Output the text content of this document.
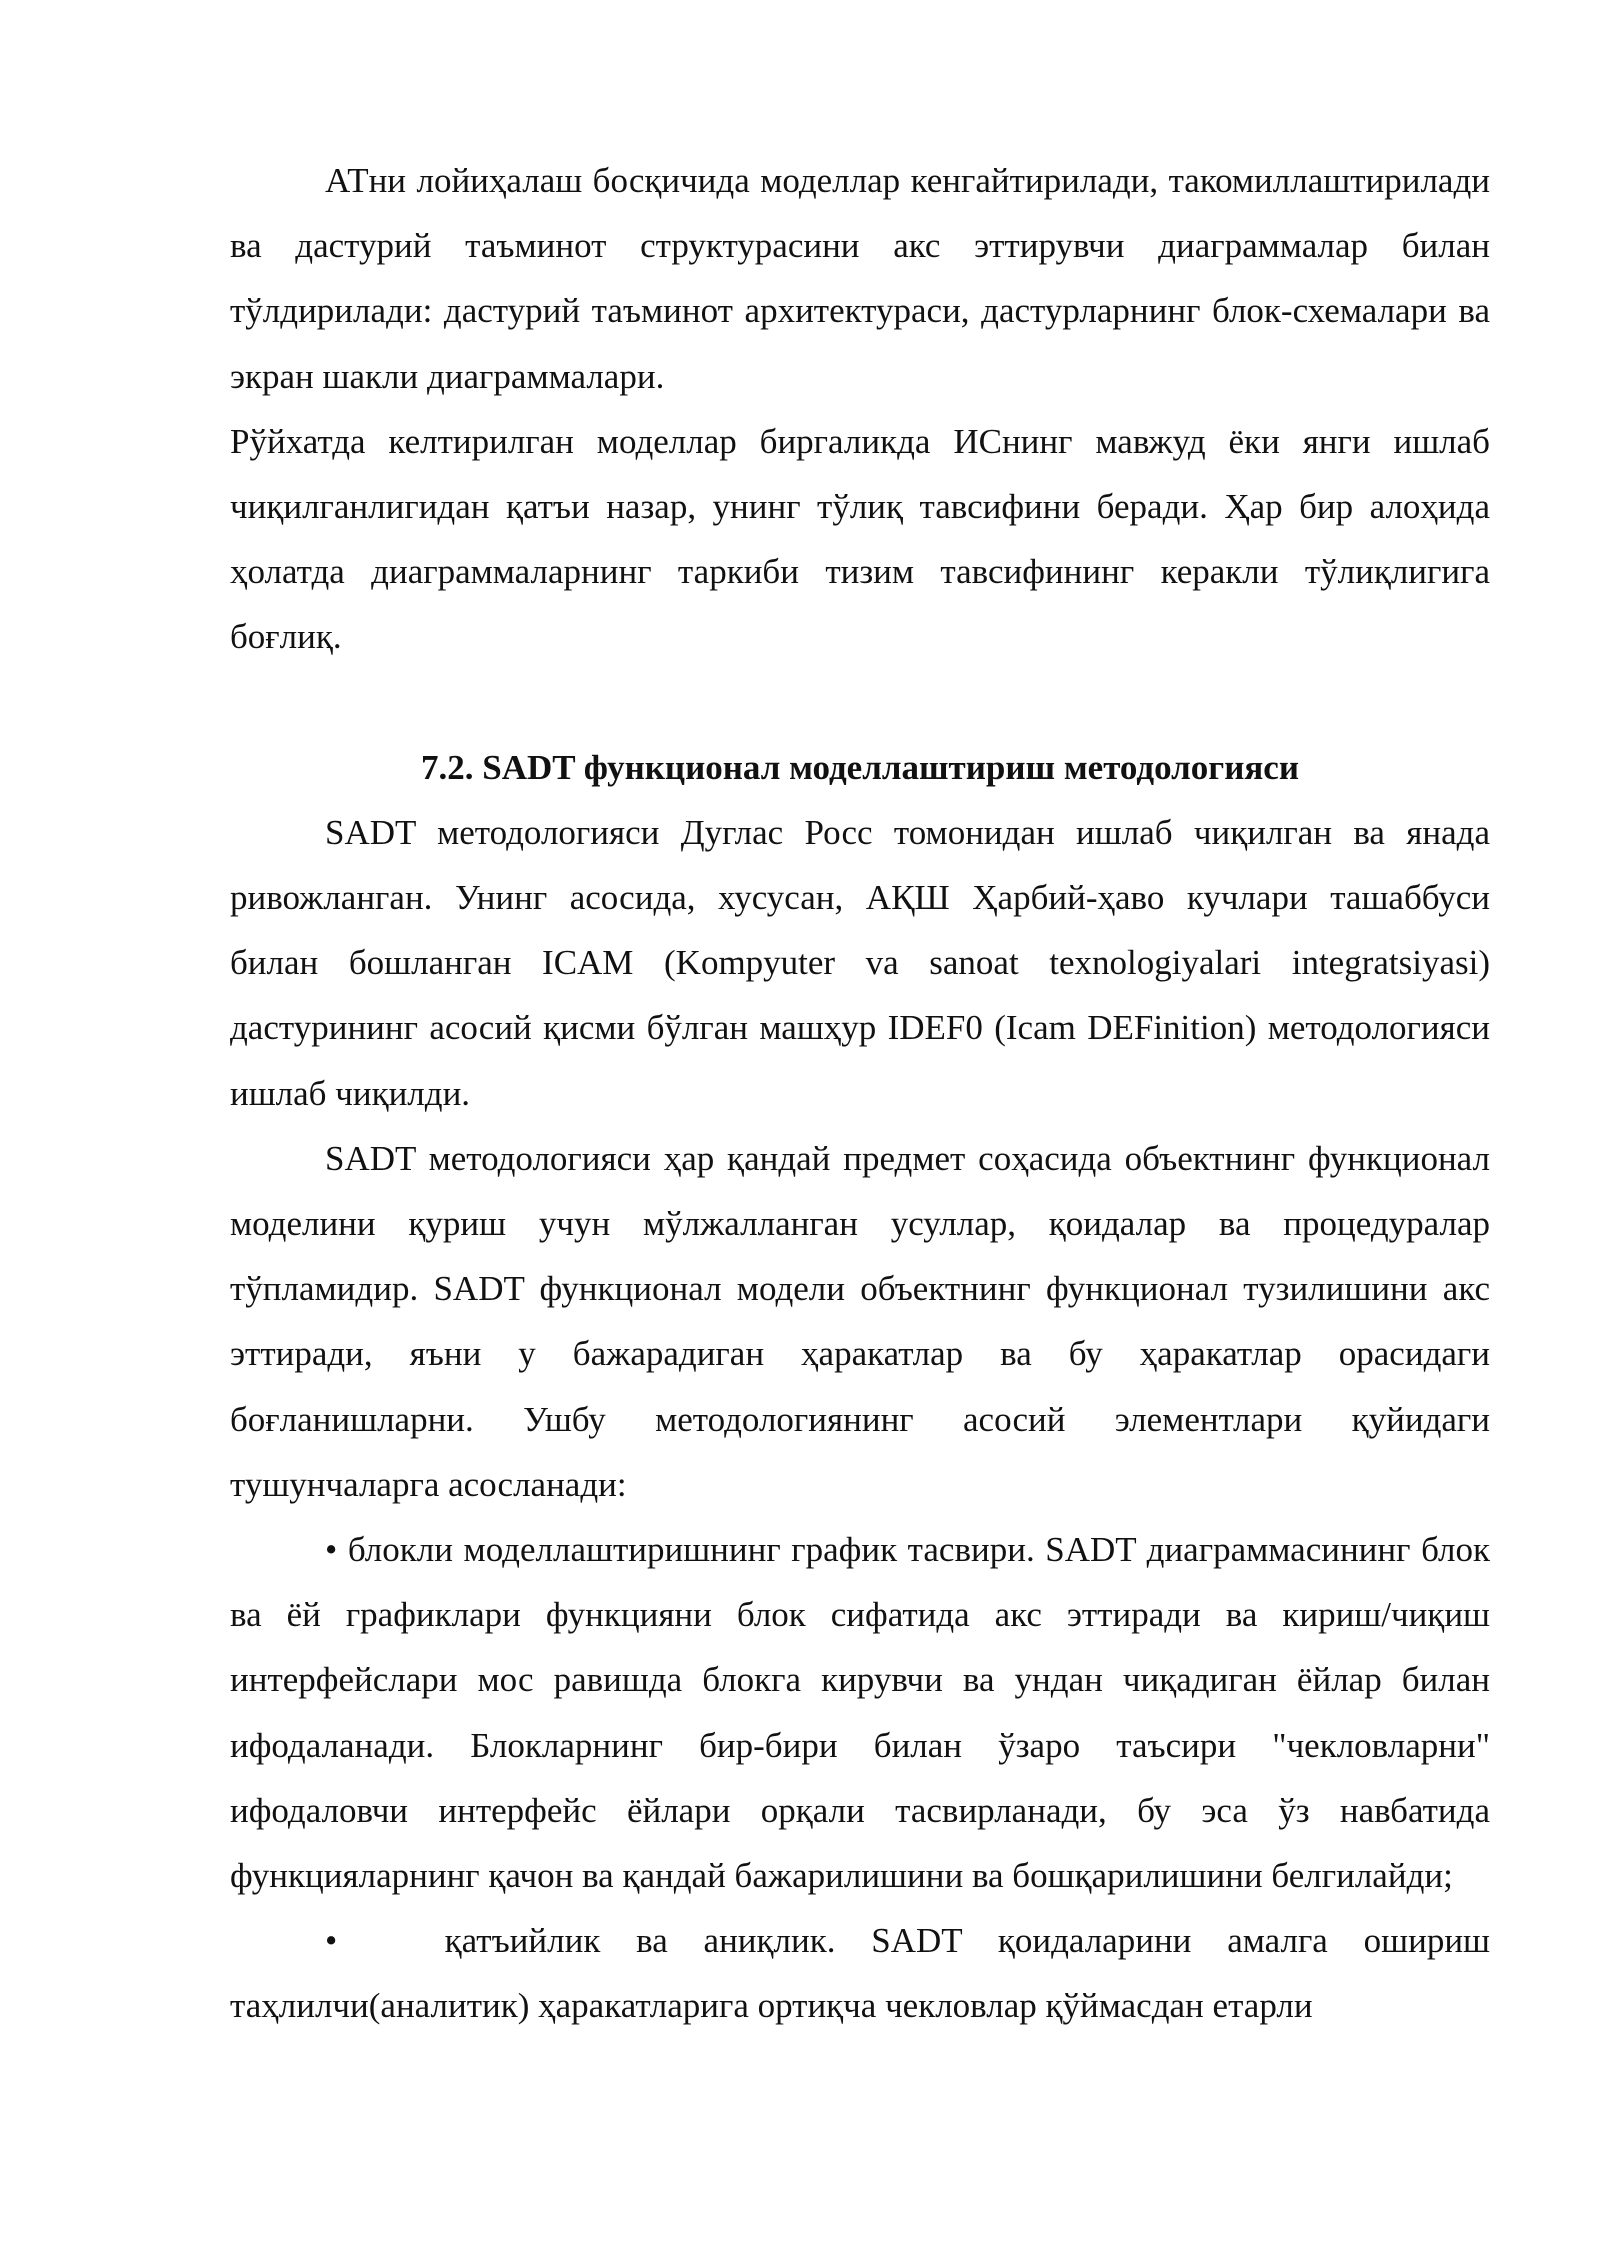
АТни лойиҳалаш босқичида моделлар кенгайтирилади, такомиллаштирилади ва дастурий таъминот структурасини акс эттирувчи диаграммалар билан тўлдирилади: дастурий таъминот архитектураси, дастурларнинг блок-схемалари ва экран шакли диаграммалари.

Рўйхатда келтирилган моделлар биргаликда ИСнинг мавжуд ёки янги ишлаб чиқилганлигидан қатъи назар, унинг тўлиқ тавсифини беради. Ҳар бир алоҳида ҳолатда диаграммаларнинг таркиби тизим тавсифининг керакли тўлиқлигига боғлиқ.

7.2. SADT функционал моделлаштириш методологияси

SADT методологияси Дуглас Росс томонидан ишлаб чиқилган ва янада ривожланган. Унинг асосида, хусусан, АҚШ Ҳарбий-ҳаво кучлари ташаббуси билан бошланган ICAM (Kompyuter va sanoat texnologiyalari integratsiyasi) дастурининг асосий қисми бўлган машҳур IDEF0 (Icam DEFinition) методологияси ишлаб чиқилди.

SADT методологияси ҳар қандай предмет соҳасида объектнинг функционал моделини қуриш учун мўлжалланган усуллар, қоидалар ва процедуралар тўпламидир. SADT функционал модели объектнинг функционал тузилишини акс эттиради, яъни у бажарадиган ҳаракатлар ва бу ҳаракатлар орасидаги боғланишларни. Ушбу методологиянинг асосий элементлари қуйидаги тушунчаларга асосланади:

• блокли моделлаштиришнинг график тасвири. SADT диаграммасининг блок ва ёй графиклари функцияни блок сифатида акс эттиради ва кириш/чиқиш интерфейслари мос равишда блокга кирувчи ва ундан чиқадиган ёйлар билан ифодаланади. Блокларнинг бир-бири билан ўзаро таъсири "чекловларни" ифодаловчи интерфейс ёйлари орқали тасвирланади, бу эса ўз навбатида функцияларнинг қачон ва қандай бажарилишини ва бошқарилишини белгилайди;

•	қатъийлик ва аниқлик. SADT қоидаларини амалга ошириш таҳлилчи(аналитик) ҳаракатларига ортиқча чекловлар қўймасдан етарли
